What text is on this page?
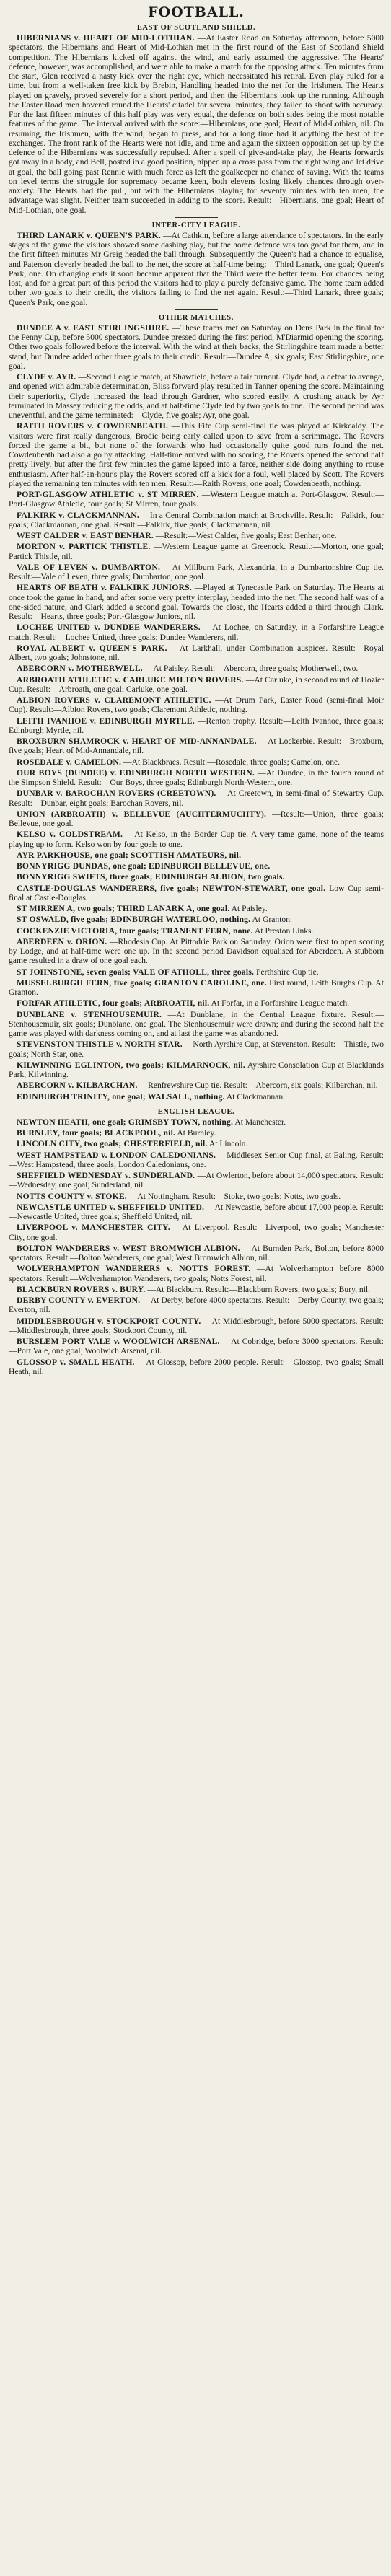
FOOTBALL.
EAST OF SCOTLAND SHIELD.

HIBERNIANS v. HEART OF MID-LOTHIAN. —At Easter Road on Saturday afternoon, before 5000 spectators, the Hibernians and Heart of Mid-Lothian met in the first round of the East of Scotland Shield competition. The Hibernians kicked off against the wind, and early assumed the aggressive. The Hearts' defence, however, was accomplished, and were able to make a match for the opposing attack. Ten minutes from the start, Glen received a nasty kick over the right eye, which necessitated his retiral. Even play ruled for a time, but from a well-taken free kick by Brebin, Handling headed into the net for the Irishmen. The Hearts played on gravely, proved severely for a short period, and then the Hibernians took up the running. Although the Easter Road men hovered round the Hearts' citadel for several minutes, they failed to shoot with accuracy. For the last fifteen minutes of this half play was very equal, the defence on both sides being the most notable features of the game. The interval arrived with the score:—Hibernians, one goal; Heart of Mid-Lothian, nil. On resuming, the Irishmen, with the wind, began to press, and for a long time had it anything the best of the exchanges. The front rank of the Hearts were not idle, and time and again the sixteen opposition set up by the defence of the Hibernians was successfully repulsed. After a spell of give-and-take play, the Hearts forwards got away in a body, and Bell, posted in a good position, nipped up a cross pass from the right wing and let drive at goal, the ball going past Rennie with much force as left the goalkeeper no chance of saving. With the teams on level terms the struggle for supremacy became keen, both elevens losing likely chances through over-anxiety. The Hearts had the pull, but with the Hibernians playing for seventy minutes with ten men, the advantage was slight. Neither team succeeded in adding to the score. Result:—Hibernians, one goal; Heart of Mid-Lothian, one goal.

INTER-CITY LEAGUE.

THIRD LANARK v. QUEEN'S PARK. —At Cathkin, before a large attendance of spectators. In the early stages of the game the visitors showed some dashing play, but the home defence was too good for them, and in the first fifteen minutes Mr Greig headed the ball through. Subsequently the Queen's had a chance to equalise, and Paterson cleverly headed the ball to the net, the score at half-time being:—Third Lanark, one goal; Queen's Park, one. On changing ends it soon became apparent that the Third were the better team. For chances being lost, and for a great part of this period the visitors had to play a purely defensive game. The home team added other two goals to their credit, the visitors failing to find the net again. Result:—Third Lanark, three goals; Queen's Park, one goal.

OTHER MATCHES.

DUNDEE A v. EAST STIRLINGSHIRE. —These teams met on Saturday on Dens Park in the final for the Penny Cup, before 5000 spectators. Dundee pressed during the first period, M'Diarmid opening the scoring. Other two goals followed before the interval. With the wind at their backs, the Stirlingshire team made a better stand, but Dundee added other three goals to their credit. Result:—Dundee A, six goals; East Stirlingshire, one goal.

CLYDE v. AYR. —Second League match, at Shawfield, before a fair turnout. Clyde had, a defeat to avenge, and opened with admirable determination, Bliss forward play resulted in Tanner opening the score. Maintaining their superiority, Clyde increased the lead through Gardner, who scored easily. A crushing attack by Ayr terminated in Massey reducing the odds, and at half-time Clyde led by two goals to one. The second period was uneventful, and the game terminated:—Clyde, five goals; Ayr, one goal.

RAITH ROVERS v. COWDENBEATH. —This Fife Cup semi-final tie was played at Kirkcaldy. The visitors were first really dangerous, Brodie being early called upon to save from a scrimmage. The Rovers forced the game a bit, but none of the forwards who had occasionally quite good runs found the net. Cowdenbeath had also a go by attacking. Half-time arrived with no scoring, the Rovers opened the second half pretty lively, but after the first few minutes the game lapsed into a farce, neither side doing anything to rouse enthusiasm. After half-an-hour's play the Rovers scored off a kick for a foul, well placed by Scott. The Rovers played the remaining ten minutes with ten men. Result:—Raith Rovers, one goal; Cowdenbeath, nothing.

PORT-GLASGOW ATHLETIC v. ST MIRREN. —Western League match at Port-Glasgow. Result:—Port-Glasgow Athletic, four goals; St Mirren, four goals.

FALKIRK v. CLACKMANNAN. —In a Central Combination match at Brockville. Result:—Falkirk, four goals; Clackmannan, one goal. Result:—Falkirk, five goals; Clackmannan, nil.

WEST CALDER v. EAST BENHAR. —Result:—West Calder, five goals; East Benhar, one.

MORTON v. PARTICK THISTLE. —Western League game at Greenock. Result:—Morton, one goal; Partick Thistle, nil.

VALE OF LEVEN v. DUMBARTON. —At Millburn Park, Alexandria, in a Dumbartonshire Cup tie. Result:—Vale of Leven, three goals; Dumbarton, one goal.

HEARTS OF BEATH v. FALKIRK JUNIORS. —Played at Tynecastle Park on Saturday. The Hearts at once took the game in hand, and after some very pretty interplay, headed into the net. The second half was of a one-sided nature, and Clark added a second goal. Towards the close, the Hearts added a third through Clark. Result:—Hearts, three goals; Port-Glasgow Juniors, nil.

LOCHEE UNITED v. DUNDEE WANDERERS. —At Lochee, on Saturday, in a Forfarshire League match. Result:—Lochee United, three goals; Dundee Wanderers, nil.

ROYAL ALBERT v. QUEEN'S PARK. —At Larkhall, under Combination auspices. Result:—Royal Albert, two goals; Johnstone, nil.

ABERCORN v. MOTHERWELL. —At Paisley. Result:—Abercorn, three goals; Motherwell, two.

ARBROATH ATHLETIC v. CARLUKE MILTON ROVERS. —At Carluke, in second round of Hozier Cup. Result:—Arbroath, one goal; Carluke, one goal.

ALBION ROVERS v. CLAREMONT ATHLETIC. —At Drum Park, Easter Road (semi-final Moir Cup). Result:—Albion Rovers, two goals; Claremont Athletic, nothing.

LEITH IVANHOE v. EDINBURGH MYRTLE. —Renton trophy. Result:—Leith Ivanhoe, three goals; Edinburgh Myrtle, nil.

BROXBURN SHAMROCK v. HEART OF MID-ANNANDALE. —At Lockerbie. Result:—Broxburn, five goals; Heart of Mid-Annandale, nil.

ROSEDALE v. CAMELON. —At Blackbraes. Result:—Rosedale, three goals; Camelon, one.

OUR BOYS (DUNDEE) v. EDINBURGH NORTH WESTERN. —At Dundee, in the fourth round of the Simpson Shield. Result:—Our Boys, three goals; Edinburgh North-Western, one.

DUNBAR v. BAROCHAN ROVERS (CREETOWN). —At Creetown, in semi-final of Stewartry Cup. Result:—Dunbar, eight goals; Barochan Rovers, nil.

UNION (ARBROATH) v. BELLEVUE (AUCHTERMUCHTY). —Result:—Union, three goals; Bellevue, one goal.

KELSO v. COLDSTREAM. —At Kelso, in the Border Cup tie. A very tame game, none of the teams playing up to form. Kelso won by four goals to one.

AYR PARKHOUSE, one goal; SCOTTISH AMATEURS, nil.

BONNYRIGG DUNDAS, one goal; EDINBURGH BELLEVUE, one.

BONNYRIGG SWIFTS, three goals; EDINBURGH ALBION, two goals.

CASTLE-DOUGLAS WANDERERS, five goals; NEWTON-STEWART, one goal. Low Cup semi-final at Castle-Douglas.

ST MIRREN A, two goals; THIRD LANARK A, one goal. At Paisley.

ST OSWALD, five goals; EDINBURGH WATERLOO, nothing. At Granton.

COCKENZIE VICTORIA, four goals; TRANENT FERN, none. At Preston Links.

ABERDEEN v. ORION. —Rhodesia Cup. At Pittodrie Park on Saturday. Orion were first to open scoring by Lodge, and at half-time were one up. In the second period Davidson equalised for Aberdeen. A stubborn game resulted in a draw of one goal each.

ST JOHNSTONE, seven goals; VALE OF ATHOLL, three goals. Perthshire Cup tie.

MUSSELBURGH FERN, five goals; GRANTON CAROLINE, one. First round, Leith Burghs Cup. At Granton.

FORFAR ATHLETIC, four goals; ARBROATH, nil. At Forfar, in a Forfarshire League match.

DUNBLANE v. STENHOUSEMUIR. —At Dunblane, in the Central League fixture. Result:—Stenhousemuir, six goals; Dunblane, one goal. The Stenhousemuir were drawn; and during the second half the game was played with darkness coming on, and at last the game was abandoned.

STEVENSTON THISTLE v. NORTH STAR. —North Ayrshire Cup, at Stevenston. Result:—Thistle, two goals; North Star, one.

KILWINNING EGLINTON, two goals; KILMARNOCK, nil. Ayrshire Consolation Cup at Blacklands Park, Kilwinning.

ABERCORN v. KILBARCHAN. —Renfrewshire Cup tie. Result:—Abercorn, six goals; Kilbarchan, nil.

EDINBURGH TRINITY, one goal; WALSALL, nothing. At Clackmannan.

ENGLISH LEAGUE.

NEWTON HEATH, one goal; GRIMSBY TOWN, nothing. At Manchester.

BURNLEY, four goals; BLACKPOOL, nil. At Burnley.

LINCOLN CITY, two goals; CHESTERFIELD, nil. At Lincoln.

WEST HAMPSTEAD v. LONDON CALEDONIANS. —Middlesex Senior Cup final, at Ealing. Result:—West Hampstead, three goals; London Caledonians, one.

SHEFFIELD WEDNESDAY v. SUNDERLAND. —At Owlerton, before about 14,000 spectators. Result:—Wednesday, one goal; Sunderland, nil.

NOTTS COUNTY v. STOKE. —At Nottingham. Result:—Stoke, two goals; Notts, two goals.

NEWCASTLE UNITED v. SHEFFIELD UNITED. —At Newcastle, before about 17,000 people. Result:—Newcastle United, three goals; Sheffield United, nil.

LIVERPOOL v. MANCHESTER CITY. —At Liverpool. Result:—Liverpool, two goals; Manchester City, one goal.

BOLTON WANDERERS v. WEST BROMWICH ALBION. —At Burnden Park, Bolton, before 8000 spectators. Result:—Bolton Wanderers, one goal; West Bromwich Albion, nil.

WOLVERHAMPTON WANDERERS v. NOTTS FOREST. —At Wolverhampton before 8000 spectators. Result:—Wolverhampton Wanderers, two goals; Notts Forest, nil.

BLACKBURN ROVERS v. BURY. —At Blackburn. Result:—Blackburn Rovers, two goals; Bury, nil.

DERBY COUNTY v. EVERTON. —At Derby, before 4000 spectators. Result:—Derby County, two goals; Everton, nil.

MIDDLESBROUGH v. STOCKPORT COUNTY. —At Middlesbrough, before 5000 spectators. Result:—Middlesbrough, three goals; Stockport County, nil.

BURSLEM PORT VALE v. WOOLWICH ARSENAL. —At Cobridge, before 3000 spectators. Result:—Port Vale, one goal; Woolwich Arsenal, nil.

GLOSSOP v. SMALL HEATH. —At Glossop, before 2000 people. Result:—Glossop, two goals; Small Heath, nil.
